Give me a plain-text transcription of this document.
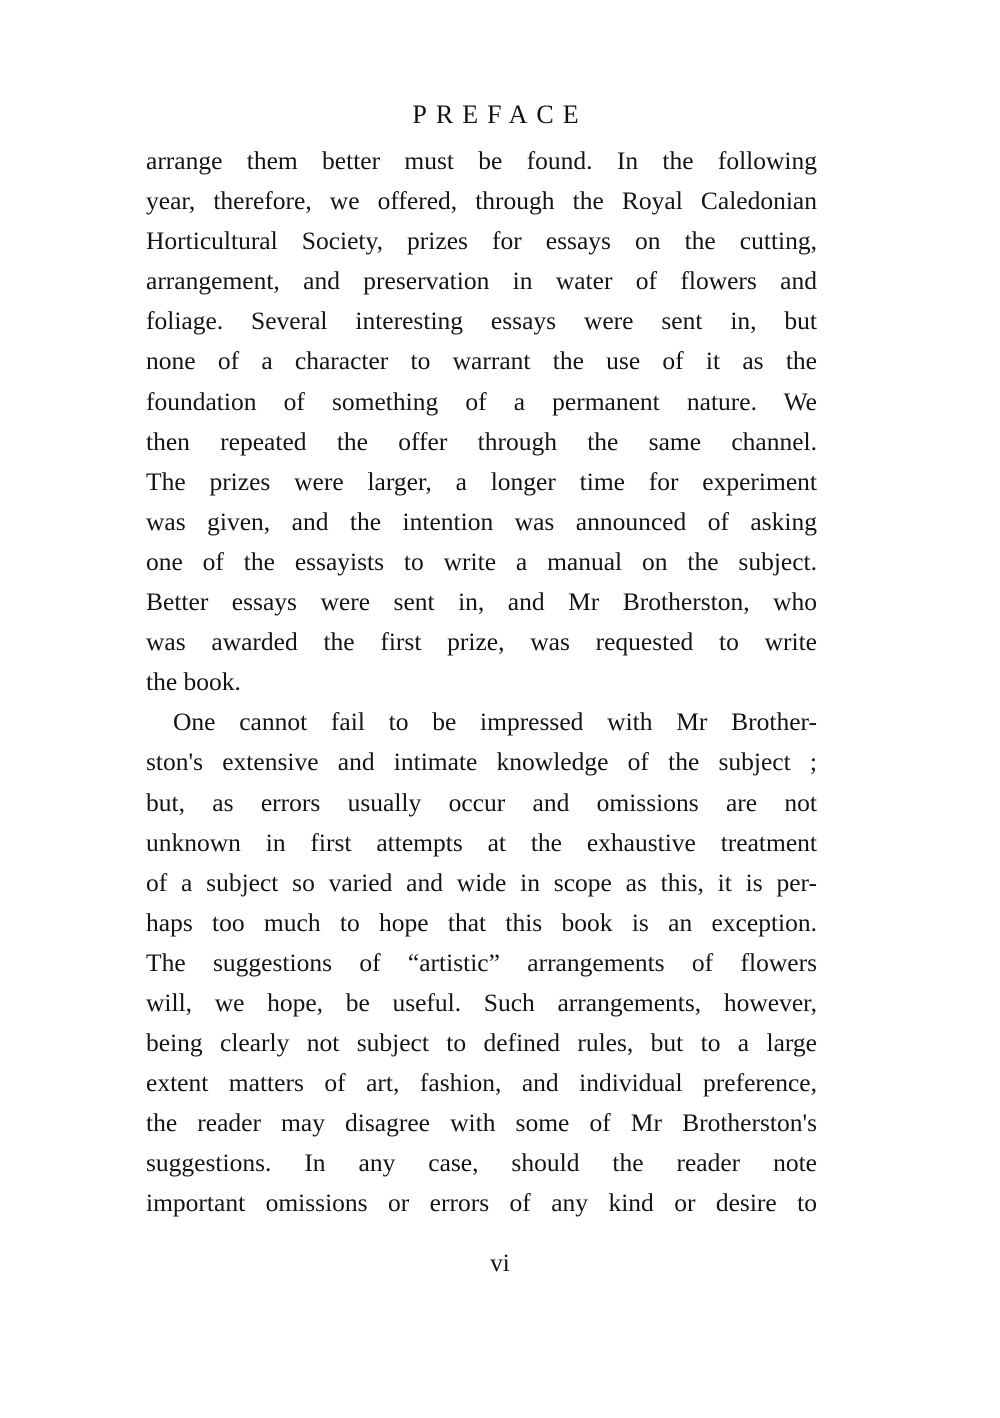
PREFACE
arrange them better must be found. In the following
year, therefore, we offered, through the Royal Caledonian
Horticultural Society, prizes for essays on the cutting,
arrangement, and preservation in water of flowers and
foliage. Several interesting essays were sent in, but
none of a character to warrant the use of it as the
foundation of something of a permanent nature. We
then repeated the offer through the same channel.
The prizes were larger, a longer time for experiment
was given, and the intention was announced of asking
one of the essayists to write a manual on the subject.
Better essays were sent in, and Mr Brotherston, who
was awarded the first prize, was requested to write
the book.
One cannot fail to be impressed with Mr Brother-
ston's extensive and intimate knowledge of the subject ;
but, as errors usually occur and omissions are not
unknown in first attempts at the exhaustive treatment
of a subject so varied and wide in scope as this, it is per-
haps too much to hope that this book is an exception.
The suggestions of “artistic” arrangements of flowers
will, we hope, be useful. Such arrangements, however,
being clearly not subject to defined rules, but to a large
extent matters of art, fashion, and individual preference,
the reader may disagree with some of Mr Brotherston's
suggestions. In any case, should the reader note
important omissions or errors of any kind or desire to
vi
